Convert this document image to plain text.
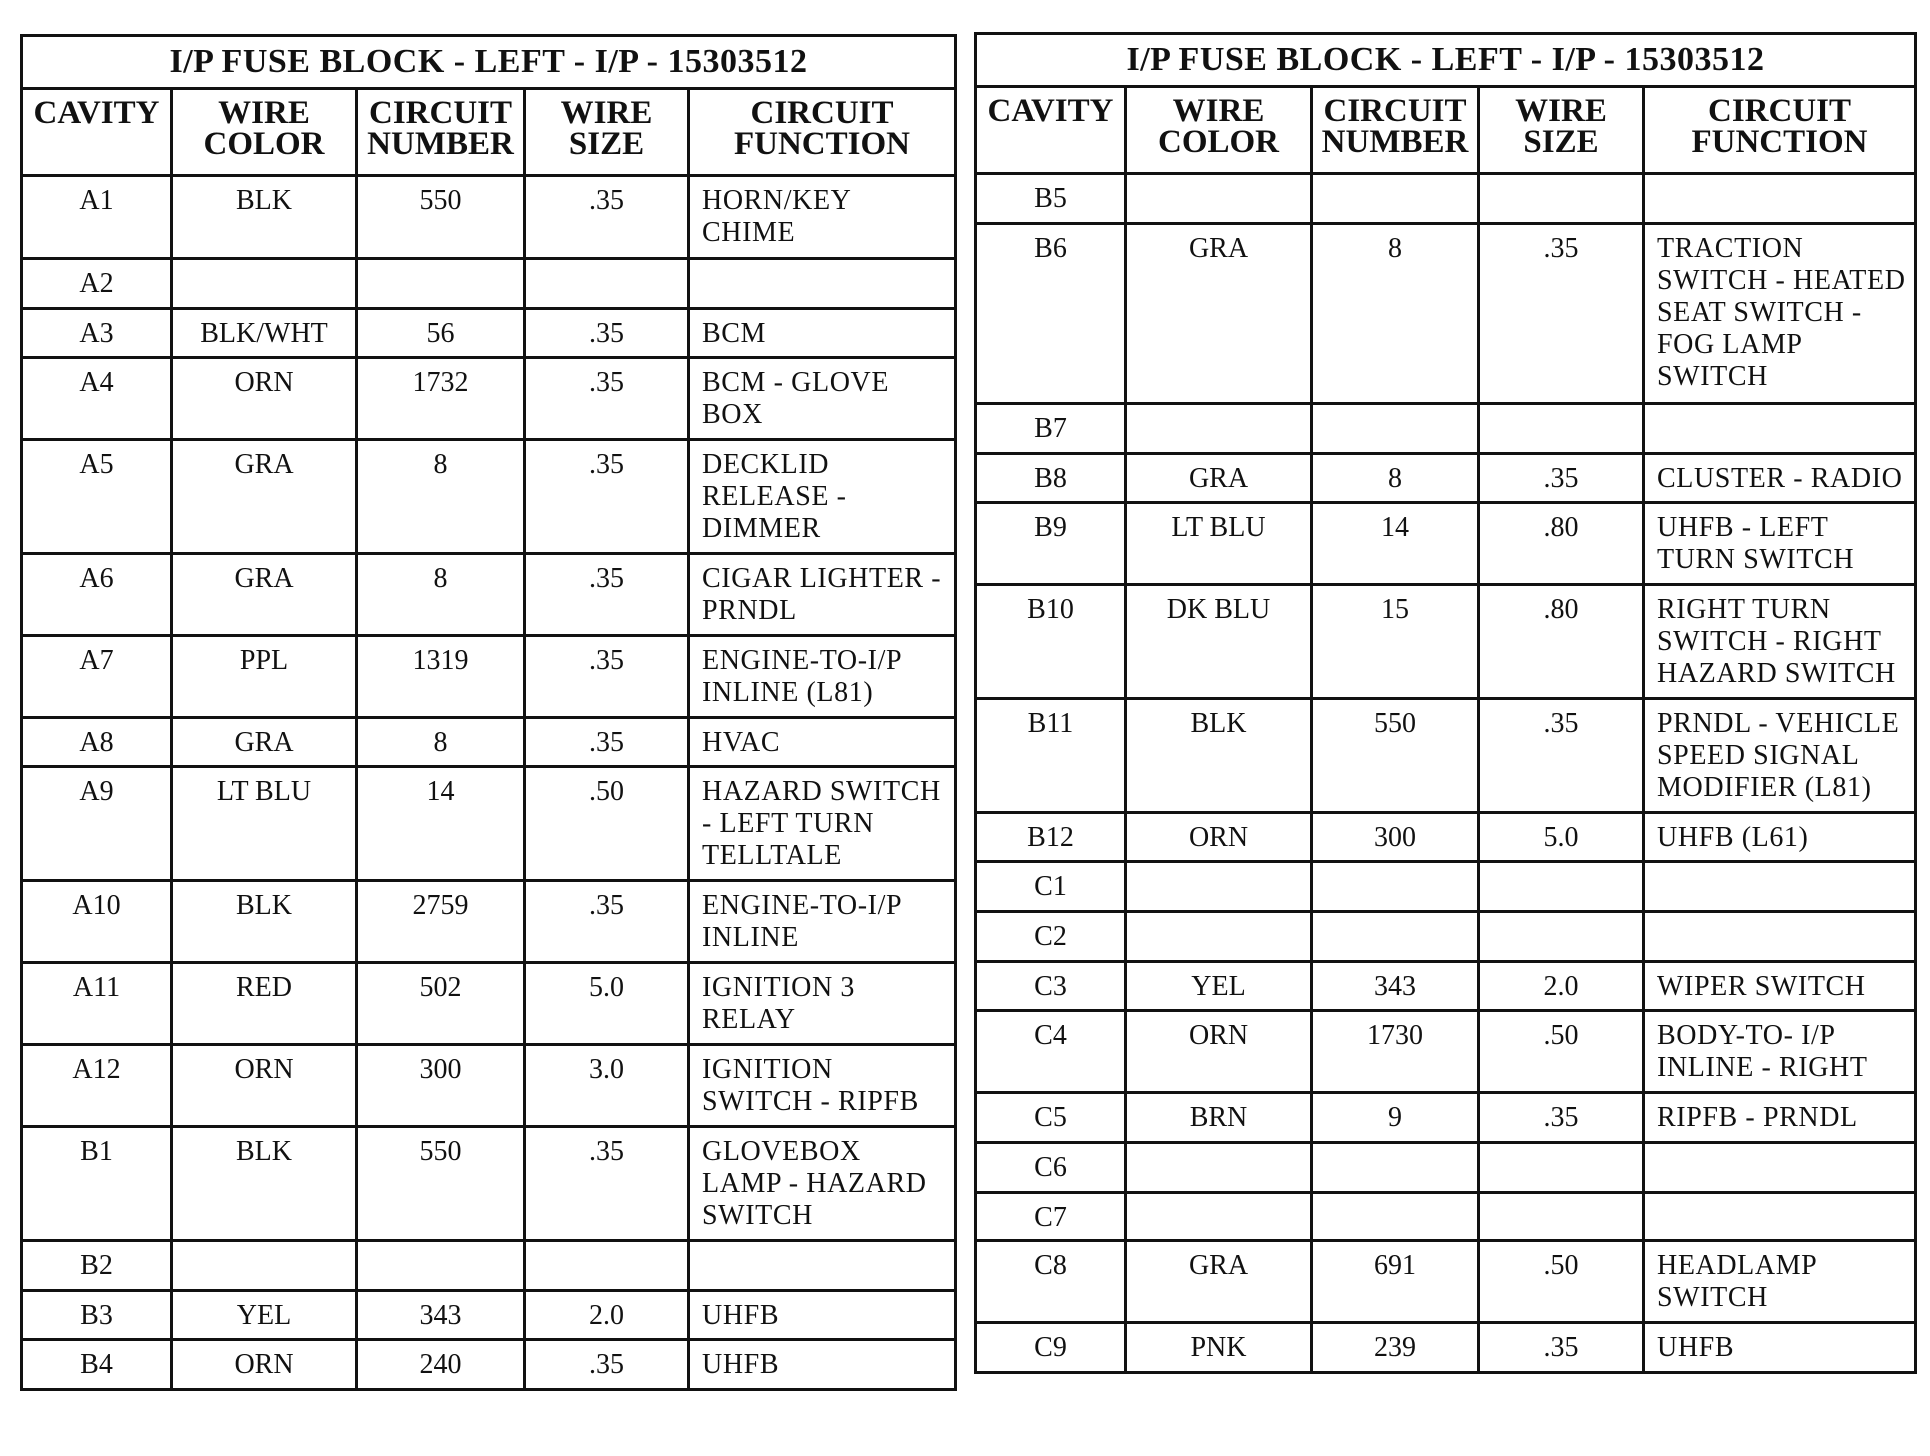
I/P FUSE BLOCK - LEFT - I/P - 15303512				
CAVITY	WIRE COLOR	CIRCUIT NUMBER	WIRE SIZE	CIRCUIT FUNCTION
A1	BLK	550	.35	HORN/KEY CHIME
A2				
A3	BLK/WHT	56	.35	BCM
A4	ORN	1732	.35	BCM - GLOVE BOX
A5	GRA	8	.35	DECKLID RELEASE - DIMMER
A6	GRA	8	.35	CIGAR LIGHTER - PRNDL
A7	PPL	1319	.35	ENGINE-TO-I/P INLINE (L81)
A8	GRA	8	.35	HVAC
A9	LT BLU	14	.50	HAZARD SWITCH - LEFT TURN TELLTALE
A10	BLK	2759	.35	ENGINE-TO-I/P INLINE
A11	RED	502	5.0	IGNITION 3 RELAY
A12	ORN	300	3.0	IGNITION SWITCH - RIPFB
B1	BLK	550	.35	GLOVEBOX LAMP - HAZARD SWITCH
B2				
B3	YEL	343	2.0	UHFB
B4	ORN	240	.35	UHFB
I/P FUSE BLOCK - LEFT - I/P - 15303512				
CAVITY	WIRE COLOR	CIRCUIT NUMBER	WIRE SIZE	CIRCUIT FUNCTION
B5				
B6	GRA	8	.35	TRACTION SWITCH - HEATED SEAT SWITCH - FOG LAMP SWITCH
B7				
B8	GRA	8	.35	CLUSTER - RADIO
B9	LT BLU	14	.80	UHFB - LEFT TURN SWITCH
B10	DK BLU	15	.80	RIGHT TURN SWITCH - RIGHT HAZARD SWITCH
B11	BLK	550	.35	PRNDL - VEHICLE SPEED SIGNAL MODIFIER (L81)
B12	ORN	300	5.0	UHFB (L61)
C1				
C2				
C3	YEL	343	2.0	WIPER SWITCH
C4	ORN	1730	.50	BODY-TO- I/P INLINE - RIGHT
C5	BRN	9	.35	RIPFB - PRNDL
C6				
C7				
C8	GRA	691	.50	HEADLAMP SWITCH
C9	PNK	239	.35	UHFB
